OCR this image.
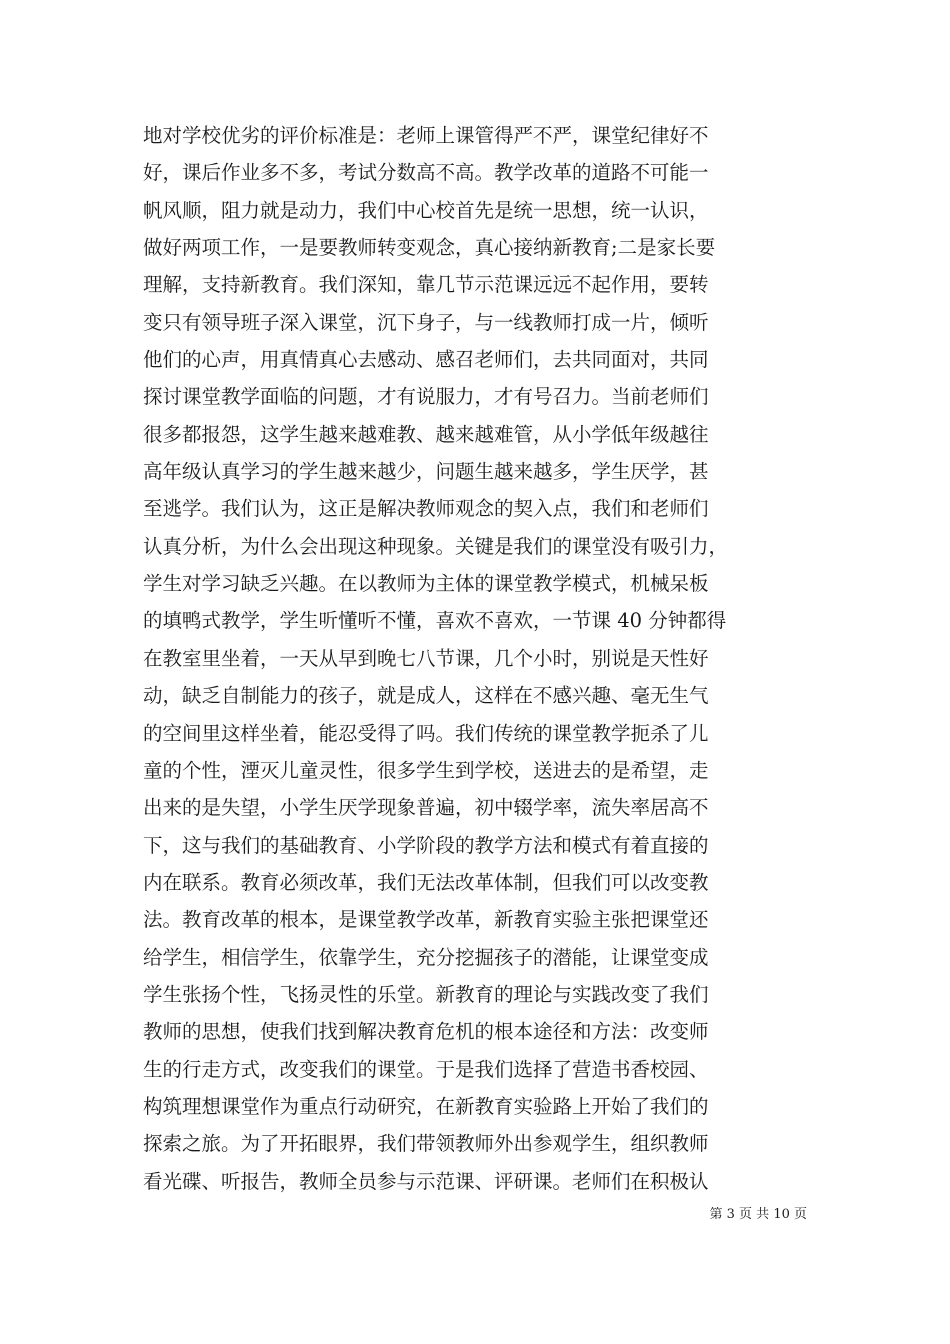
地对学校优劣的评价标准是：老师上课管得严不严，课堂纪律好不
好，课后作业多不多，考试分数高不高。教学改革的道路不可能一
帆风顺，阻力就是动力，我们中心校首先是统一思想，统一认识，
做好两项工作，一是要教师转变观念，真心接纳新教育;二是家长要
理解，支持新教育。我们深知，靠几节示范课远远不起作用，要转
变只有领导班子深入课堂，沉下身子，与一线教师打成一片，倾听
他们的心声，用真情真心去感动、感召老师们，去共同面对，共同
探讨课堂教学面临的问题，才有说服力，才有号召力。当前老师们
很多都报怨，这学生越来越难教、越来越难管，从小学低年级越往
高年级认真学习的学生越来越少，问题生越来越多，学生厌学，甚
至逃学。我们认为，这正是解决教师观念的契入点，我们和老师们
认真分析，为什么会出现这种现象。关键是我们的课堂没有吸引力，
学生对学习缺乏兴趣。在以教师为主体的课堂教学模式，机械呆板
的填鸭式教学，学生听懂听不懂，喜欢不喜欢，一节课 40 分钟都得
在教室里坐着，一天从早到晚七八节课，几个小时，别说是天性好
动，缺乏自制能力的孩子，就是成人，这样在不感兴趣、毫无生气
的空间里这样坐着，能忍受得了吗。我们传统的课堂教学扼杀了儿
童的个性，湮灭儿童灵性，很多学生到学校，送进去的是希望，走
出来的是失望，小学生厌学现象普遍，初中辍学率，流失率居高不
下，这与我们的基础教育、小学阶段的教学方法和模式有着直接的
内在联系。教育必须改革，我们无法改革体制，但我们可以改变教
法。教育改革的根本，是课堂教学改革，新教育实验主张把课堂还
给学生，相信学生，依靠学生，充分挖掘孩子的潜能，让课堂变成
学生张扬个性，飞扬灵性的乐堂。新教育的理论与实践改变了我们
教师的思想，使我们找到解决教育危机的根本途径和方法：改变师
生的行走方式，改变我们的课堂。于是我们选择了营造书香校园、
构筑理想课堂作为重点行动研究，在新教育实验路上开始了我们的
探索之旅。为了开拓眼界，我们带领教师外出参观学生，组织教师
看光碟、听报告，教师全员参与示范课、评研课。老师们在积极认
第 3 页 共 10 页
